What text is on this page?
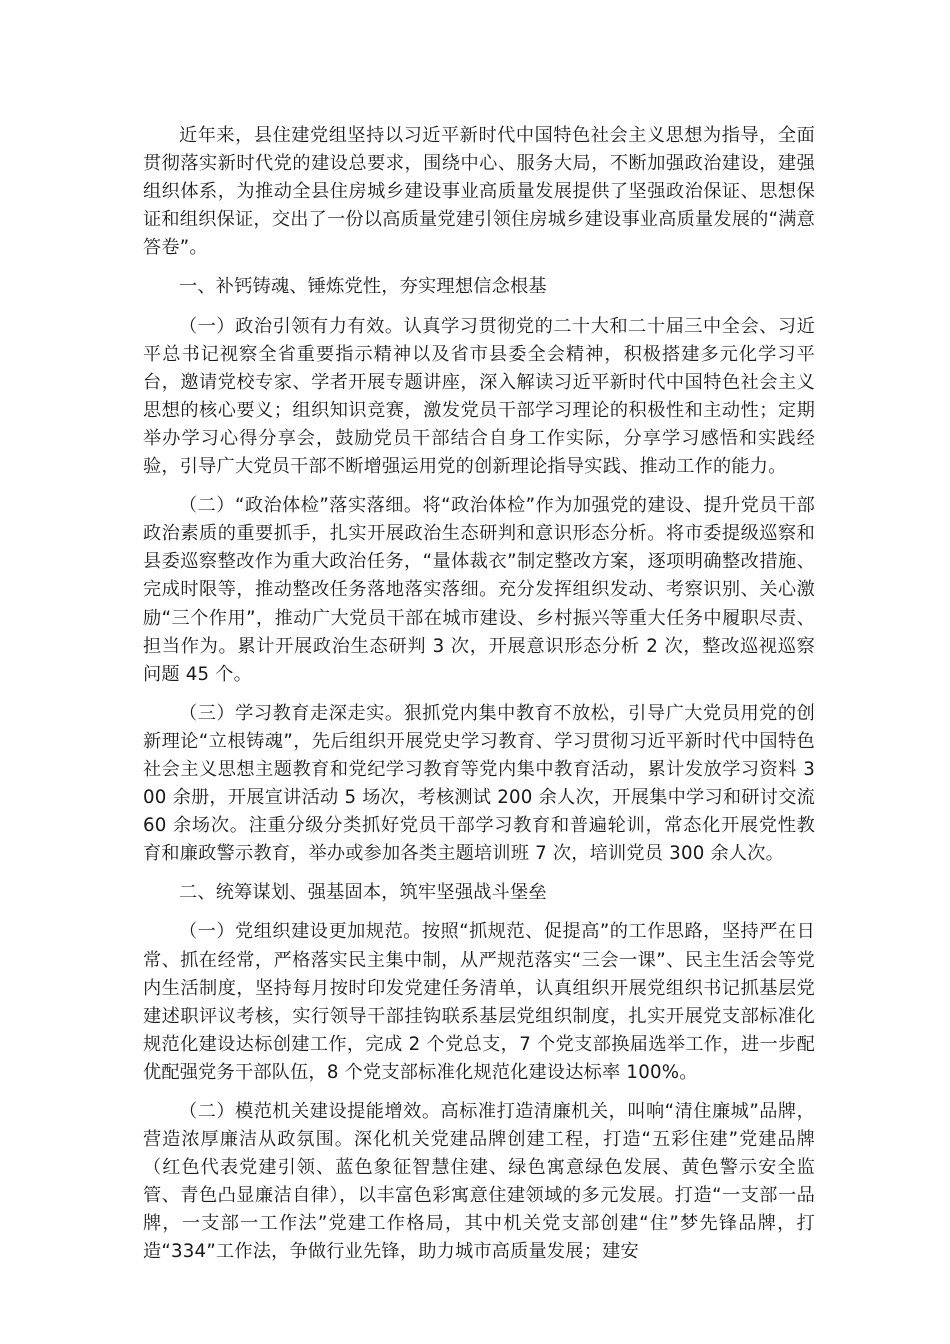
近年来，县住建党组坚持以习近平新时代中国特色社会主义思想为指导，全面贯彻落实新时代党的建设总要求，围绕中心、服务大局，不断加强政治建设，建强组织体系，为推动全县住房城乡建设事业高质量发展提供了坚强政治保证、思想保证和组织保证，交出了一份以高质量党建引领住房城乡建设事业高质量发展的“满意答卷”。

一、补钙铸魂、锤炼党性，夯实理想信念根基

（一）政治引领有力有效。认真学习贯彻党的二十大和二十届三中全会、习近平总书记视察全省重要指示精神以及省市县委全会精神，积极搭建多元化学习平台，邀请党校专家、学者开展专题讲座，深入解读习近平新时代中国特色社会主义思想的核心要义；组织知识竞赛，激发党员干部学习理论的积极性和主动性；定期举办学习心得分享会，鼓励党员干部结合自身工作实际，分享学习感悟和实践经验，引导广大党员干部不断增强运用党的创新理论指导实践、推动工作的能力。

（二）“政治体检”落实落细。将“政治体检”作为加强党的建设、提升党员干部政治素质的重要抓手，扎实开展政治生态研判和意识形态分析。将市委提级巡察和县委巡察整改作为重大政治任务，“量体裁衣”制定整改方案，逐项明确整改措施、完成时限等，推动整改任务落地落实落细。充分发挥组织发动、考察识别、关心激励“三个作用”，推动广大党员干部在城市建设、乡村振兴等重大任务中履职尽责、担当作为。累计开展政治生态研判 3 次，开展意识形态分析 2 次，整改巡视巡察问题 45 个。

（三）学习教育走深走实。狠抓党内集中教育不放松，引导广大党员用党的创新理论“立根铸魂”，先后组织开展党史学习教育、学习贯彻习近平新时代中国特色社会主义思想主题教育和党纪学习教育等党内集中教育活动，累计发放学习资料 300 余册，开展宣讲活动 5 场次，考核测试 200 余人次，开展集中学习和研讨交流 60 余场次。注重分级分类抓好党员干部学习教育和普遍轮训，常态化开展党性教育和廉政警示教育，举办或参加各类主题培训班 7 次，培训党员 300 余人次。

二、统筹谋划、强基固本，筑牢坚强战斗堡垒

（一）党组织建设更加规范。按照“抓规范、促提高”的工作思路，坚持严在日常、抓在经常，严格落实民主集中制，从严规范落实“三会一课”、民主生活会等党内生活制度，坚持每月按时印发党建任务清单，认真组织开展党组织书记抓基层党建述职评议考核，实行领导干部挂钩联系基层党组织制度，扎实开展党支部标准化规范化建设达标创建工作，完成 2 个党总支，7 个党支部换届选举工作，进一步配优配强党务干部队伍，8 个党支部标准化规范化建设达标率 100%。

（二）模范机关建设提能增效。高标准打造清廉机关，叫响“清住廉城”品牌，营造浓厚廉洁从政氛围。深化机关党建品牌创建工程，打造“五彩住建”党建品牌（红色代表党建引领、蓝色象征智慧住建、绿色寓意绿色发展、黄色警示安全监管、青色凸显廉洁自律），以丰富色彩寓意住建领域的多元发展。打造“一支部一品牌，一支部一工作法”党建工作格局，其中机关党支部创建“住”梦先锋品牌，打造“334”工作法，争做行业先锋，助力城市高质量发展；建安
